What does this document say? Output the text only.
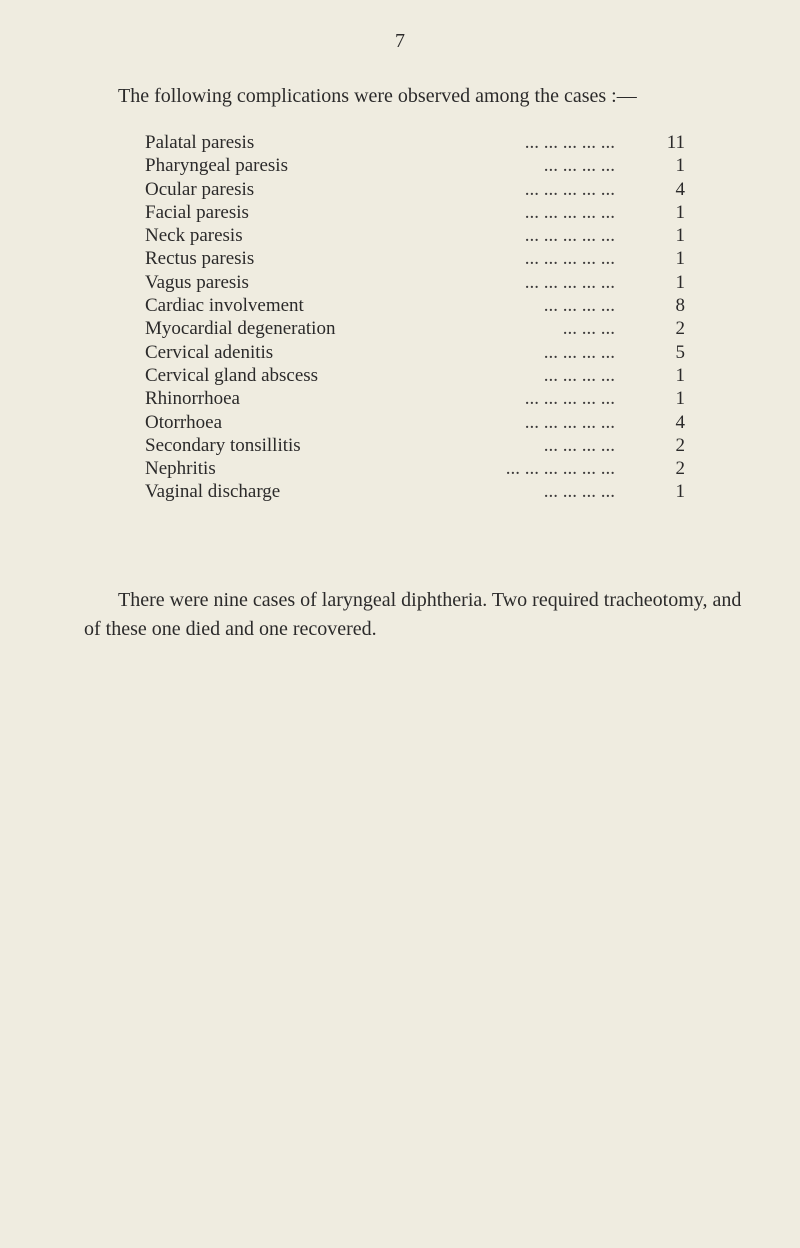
7
The following complications were observed among the cases :—
... ... ... ... ...
Palatal paresis	11
... ... ... ...
Pharyngeal paresis	1
... ... ... ... ...
Ocular paresis	4
... ... ... ... ...
Facial paresis	1
... ... ... ... ...
Neck paresis	1
... ... ... ... ...
Rectus paresis	1
... ... ... ... ...
Vagus paresis	1
... ... ... ...
Cardiac involvement	8
... ... ...
Myocardial degeneration	2
... ... ... ...
Cervical adenitis	5
... ... ... ...
Cervical gland abscess	1
... ... ... ... ...
Rhinorrhoea	1
... ... ... ... ...
Otorrhoea	4
... ... ... ...
Secondary tonsillitis	2
... ... ... ... ... ...
Nephritis	2
... ... ... ...
Vaginal discharge	1
There were nine cases of laryngeal diphtheria. Two required tracheotomy, and of these one died and one recovered.
